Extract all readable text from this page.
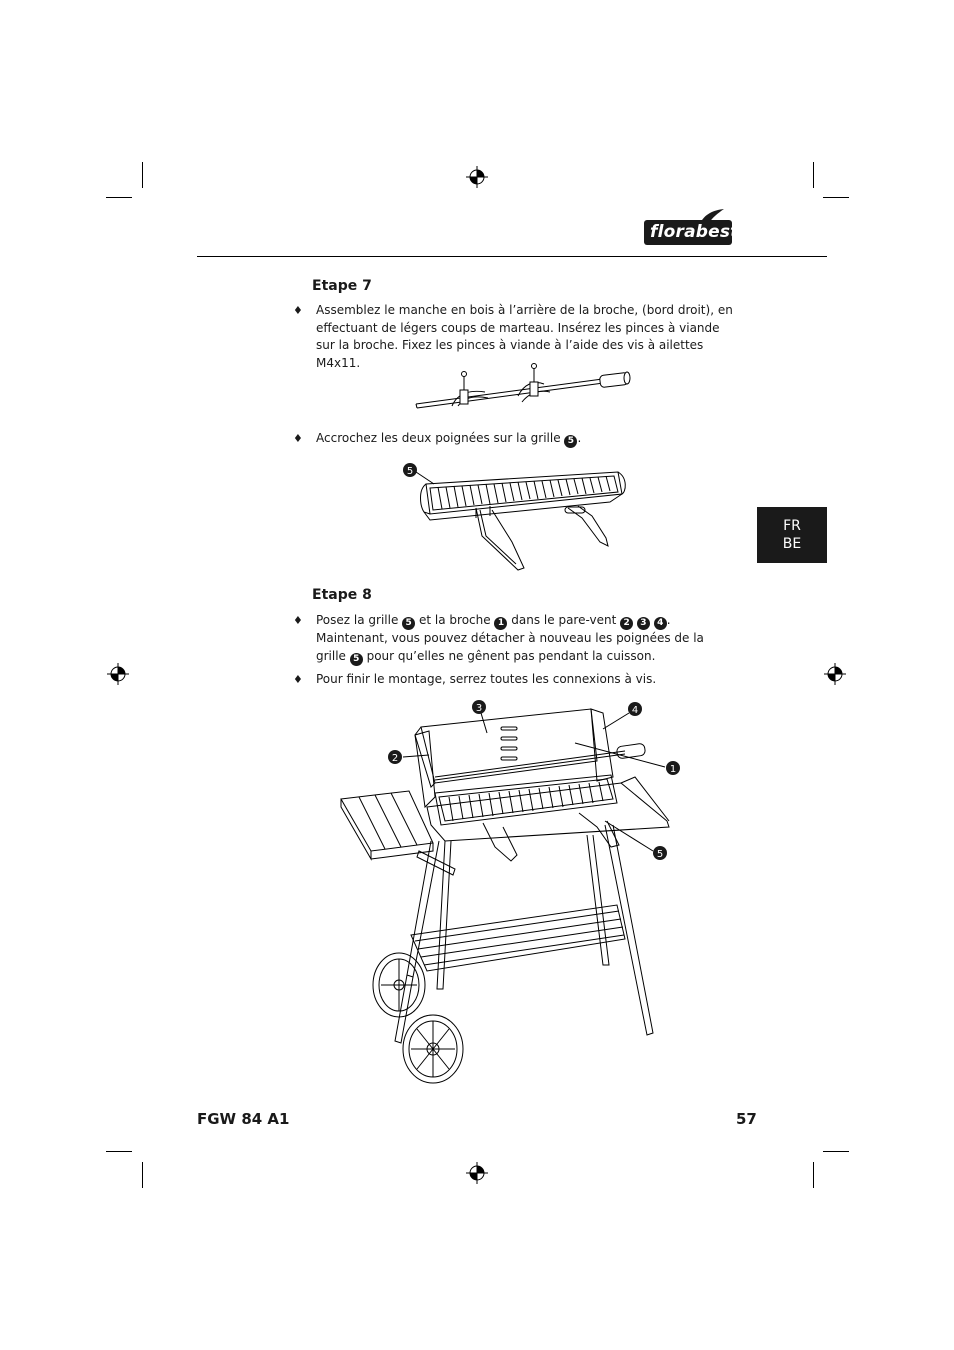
florabest
FR
BE
Etape 7
♦ Assemblez le manche en bois à l’arrière de la broche, (bord droit), en effectuant de légers coups de marteau. Insérez les pinces à viande sur la broche. Fixez les pinces à viande à l’aide des vis à ailettes M4x11.
♦ Accrochez les deux poignées sur la grille 5 .
5
Etape 8
♦ Posez la grille 5 et la broche 1 dans le pare-vent 2 3 4 . Maintenant, vous pouvez détacher à nouveau les poignées de la grille 5 pour qu’elles ne gênent pas pendant la cuisson.
♦ Pour finir le montage, serrez toutes les connexions à vis.
3	4
2
1
5
FGW 84 A1	57
